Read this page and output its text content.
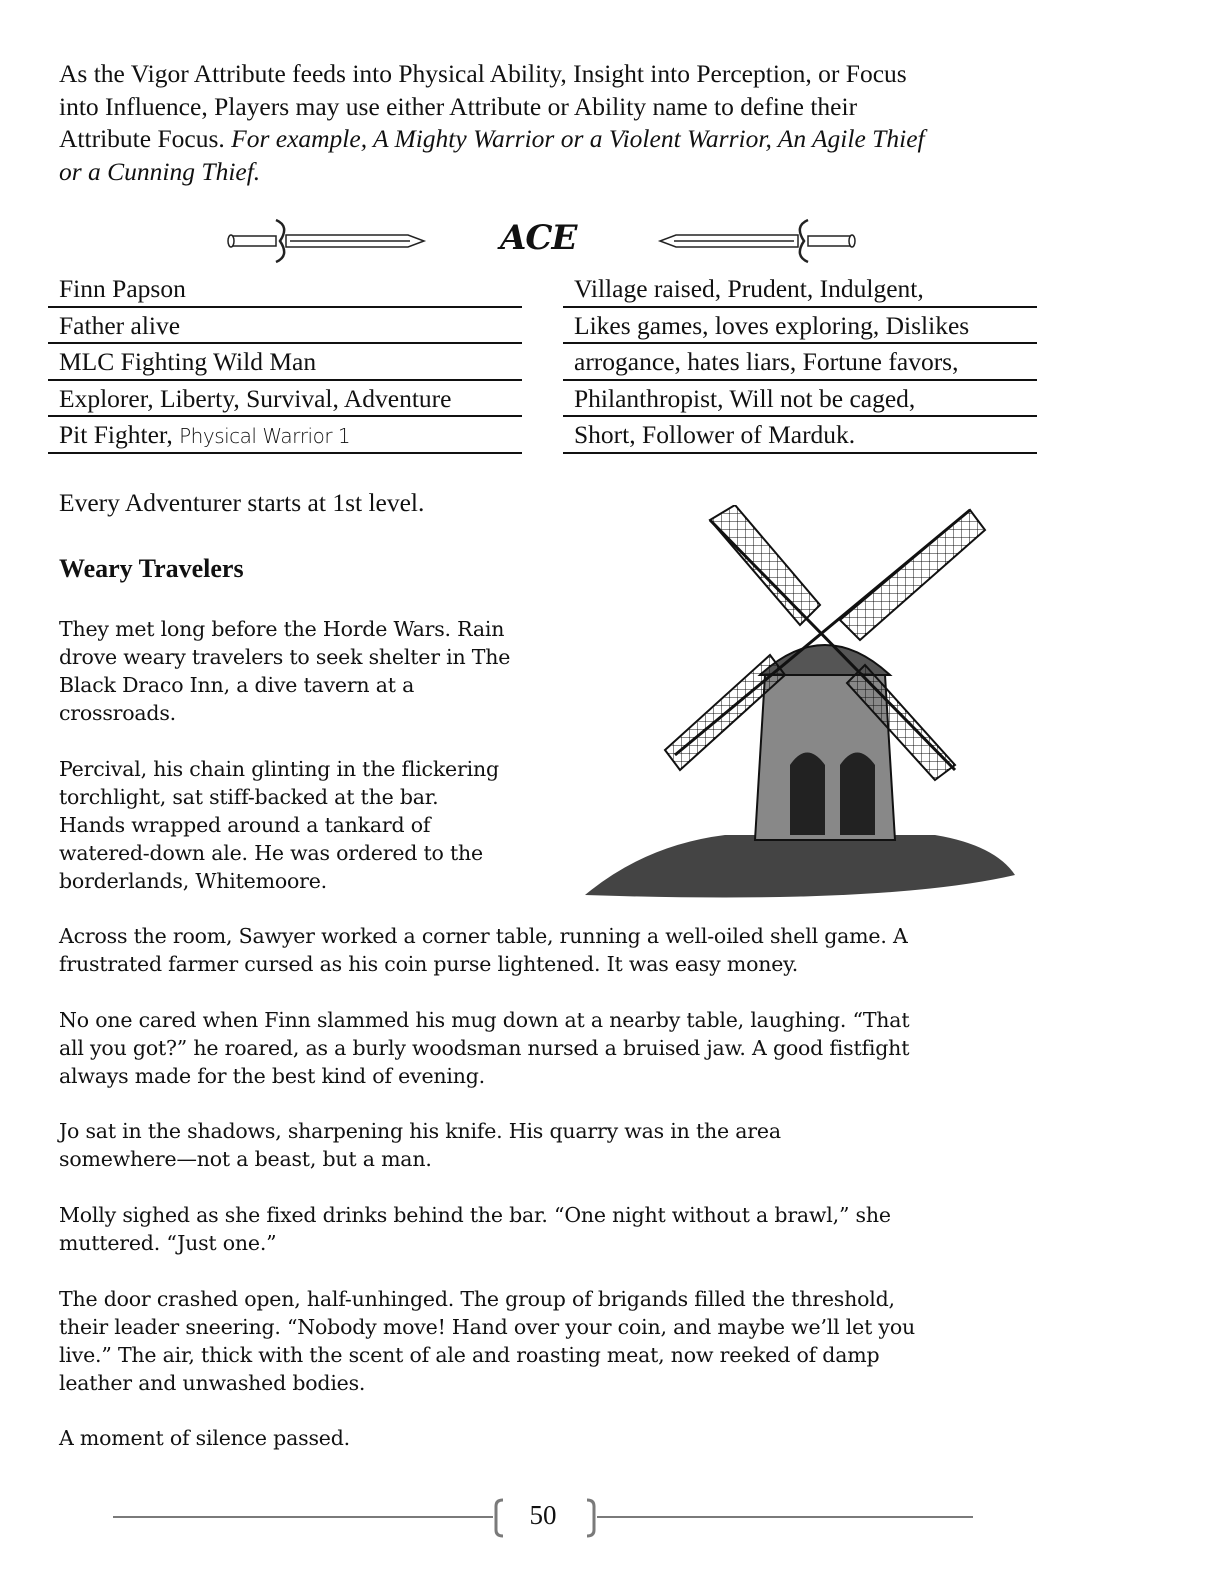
As the Vigor Attribute feeds into Physical Ability, Insight into Perception, or Focus
into Influence, Players may use either Attribute or Ability name to define their
Attribute Focus. For example, A Mighty Warrior or a Violent Warrior, An Agile Thief
or a Cunning Thief.
ACE
Finn Papson
Father alive
MLC Fighting Wild Man
Explorer, Liberty, Survival, Adventure
Pit Fighter, Physical Warrior 1
Village raised, Prudent, Indulgent,
Likes games, loves exploring, Dislikes
arrogance, hates liars, Fortune favors,
Philanthropist, Will not be caged,
Short, Follower of Marduk.
Every Adventurer starts at 1st level.
Weary Travelers
They met long before the Horde Wars. Rain
drove weary travelers to seek shelter in The
Black Draco Inn, a dive tavern at a
crossroads.
Percival, his chain glinting in the flickering
torchlight, sat stiff-backed at the bar.
Hands wrapped around a tankard of
watered-down ale. He was ordered to the
borderlands, Whitemoore.
Across the room, Sawyer worked a corner table, running a well-oiled shell game. A
frustrated farmer cursed as his coin purse lightened. It was easy money.
No one cared when Finn slammed his mug down at a nearby table, laughing. “That
all you got?” he roared, as a burly woodsman nursed a bruised jaw. A good fistfight
always made for the best kind of evening.
Jo sat in the shadows, sharpening his knife. His quarry was in the area
somewhere—not a beast, but a man.
Molly sighed as she fixed drinks behind the bar. “One night without a brawl,” she
muttered. “Just one.”
The door crashed open, half-unhinged. The group of brigands filled the threshold,
their leader sneering. “Nobody move! Hand over your coin, and maybe we’ll let you
live.” The air, thick with the scent of ale and roasting meat, now reeked of damp
leather and unwashed bodies.
A moment of silence passed.
50
